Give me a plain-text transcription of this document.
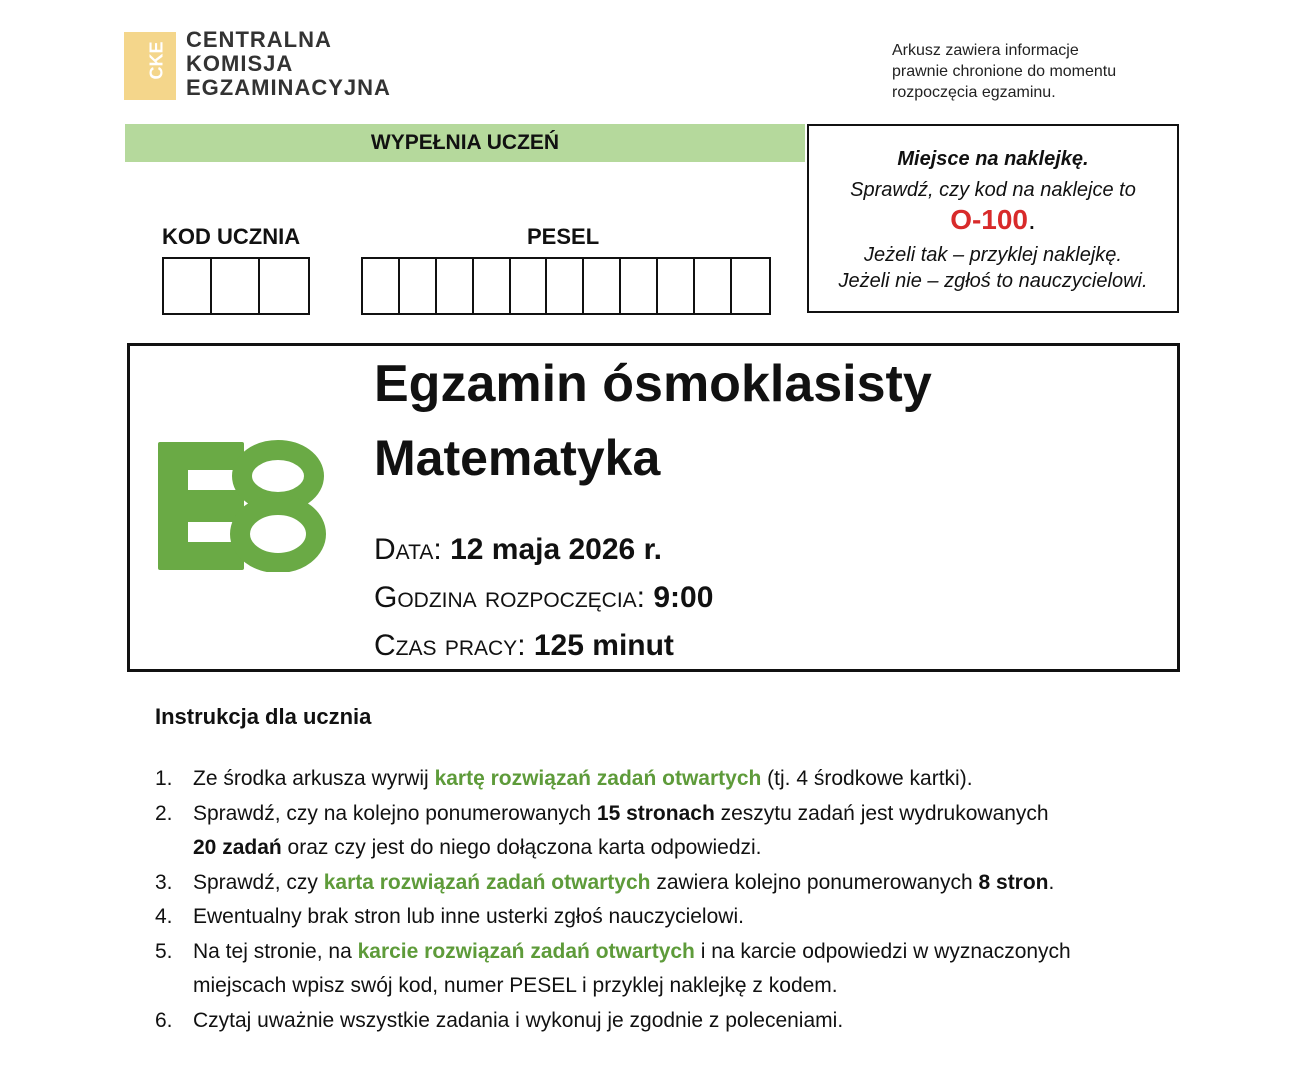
CKE
CENTRALNA
KOMISJA
EGZAMINACYJNA
Arkusz zawiera informacje
prawnie chronione do momentu
rozpoczęcia egzaminu.
WYPEŁNIA UCZEŃ
KOD UCZNIA	PESEL
Miejsce na naklejkę.
Sprawdź, czy kod na naklejce to
O-100.
Jeżeli tak – przyklej naklejkę.
Jeżeli nie – zgłoś to nauczycielowi.
Egzamin ósmoklasisty
Matematyka
Data: 12 maja 2026 r.
Godzina rozpoczęcia: 9:00
Czas pracy: 125 minut
Instrukcja dla ucznia
1. Ze środka arkusza wyrwij kartę rozwiązań zadań otwartych (tj. 4 środkowe kartki).
2. Sprawdź, czy na kolejno ponumerowanych 15 stronach zeszytu zadań jest wydrukowanych 20 zadań oraz czy jest do niego dołączona karta odpowiedzi.
3. Sprawdź, czy karta rozwiązań zadań otwartych zawiera kolejno ponumerowanych 8 stron.
4. Ewentualny brak stron lub inne usterki zgłoś nauczycielowi.
5. Na tej stronie, na karcie rozwiązań zadań otwartych i na karcie odpowiedzi w wyznaczonych miejscach wpisz swój kod, numer PESEL i przyklej naklejkę z kodem.
6. Czytaj uważnie wszystkie zadania i wykonuj je zgodnie z poleceniami.
